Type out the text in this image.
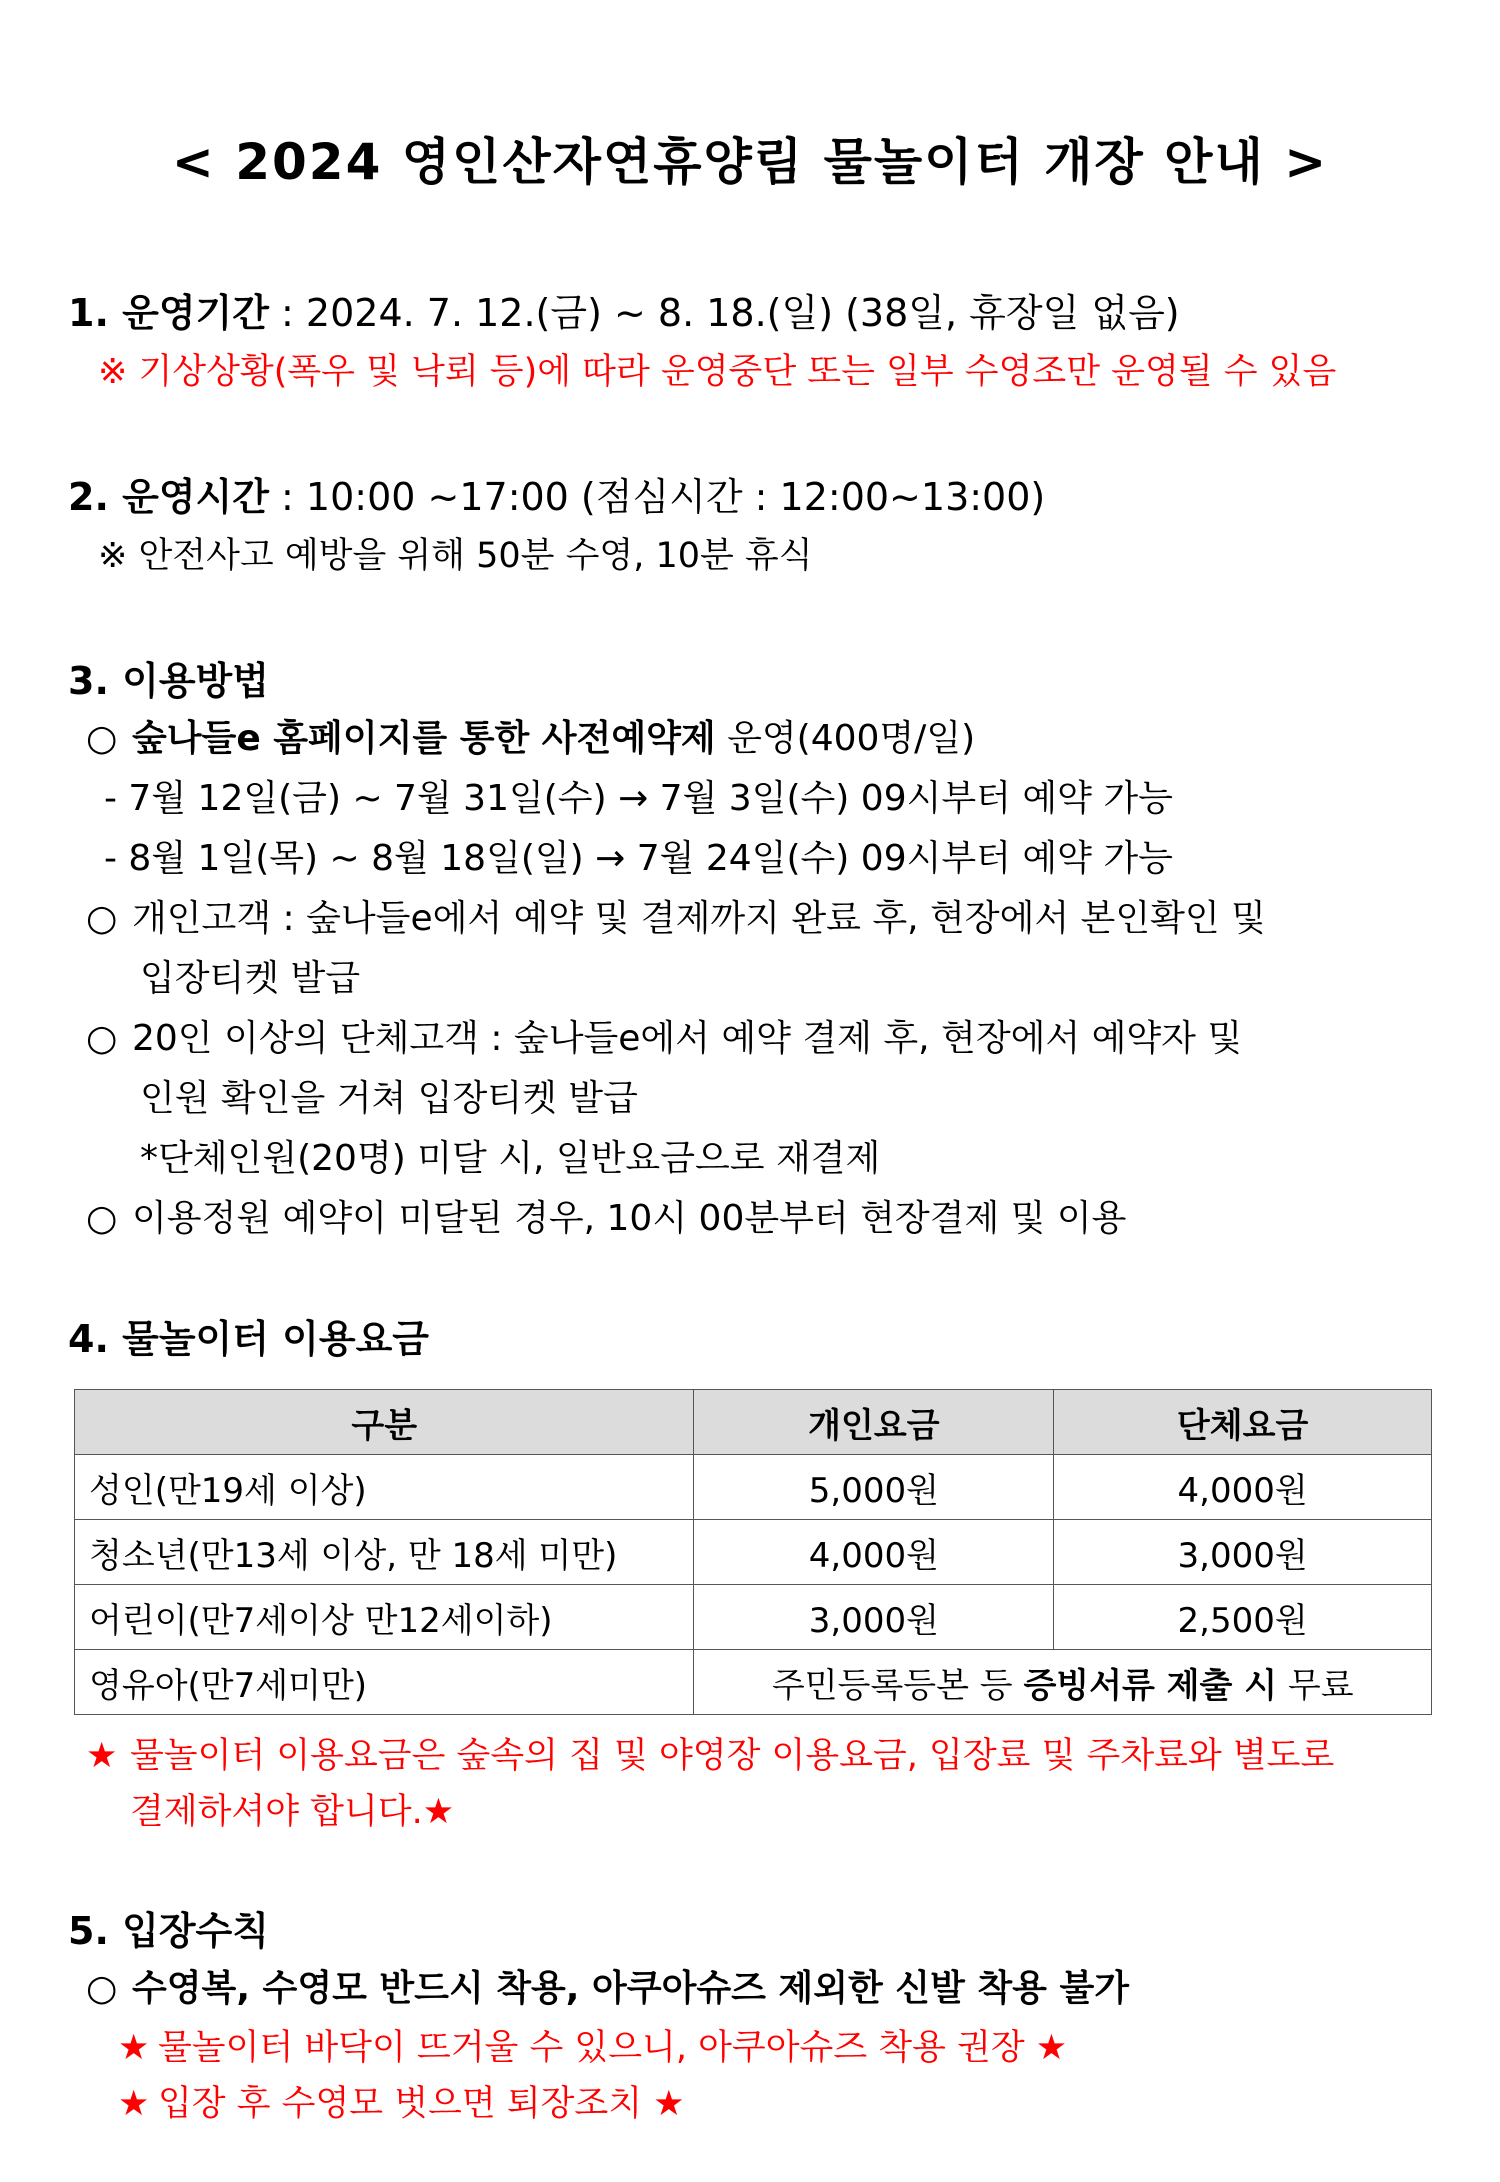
< 2024 영인산자연휴양림 물놀이터 개장 안내 >
1. 운영기간 : 2024. 7. 12.(금) ~ 8. 18.(일) (38일, 휴장일 없음)
※ 기상상황(폭우 및 낙뢰 등)에 따라 운영중단 또는 일부 수영조만 운영될 수 있음
2. 운영시간 : 10:00 ~17:00 (점심시간 : 12:00~13:00)
※ 안전사고 예방을 위해 50분 수영, 10분 휴식
3. 이용방법
○ 숲나들e 홈페이지를 통한 사전예약제 운영(400명/일)
- 7월 12일(금) ~ 7월 31일(수) → 7월 3일(수) 09시부터 예약 가능
- 8월 1일(목) ~ 8월 18일(일) → 7월 24일(수) 09시부터 예약 가능
○ 개인고객 : 숲나들e에서 예약 및 결제까지 완료 후, 현장에서 본인확인 및
입장티켓 발급
○ 20인 이상의 단체고객 : 숲나들e에서 예약 결제 후, 현장에서 예약자 및
인원 확인을 거쳐 입장티켓 발급
*단체인원(20명) 미달 시, 일반요금으로 재결제
○ 이용정원 예약이 미달된 경우, 10시 00분부터 현장결제 및 이용
4. 물놀이터 이용요금
구분	개인요금	단체요금
성인(만19세 이상)	5,000원	4,000원
청소년(만13세 이상, 만 18세 미만)	4,000원	3,000원
어린이(만7세이상 만12세이하)	3,000원	2,500원
영유아(만7세미만)	주민등록등본 등 증빙서류 제출 시 무료	
★ 물놀이터 이용요금은 숲속의 집 및 야영장 이용요금, 입장료 및 주차료와 별도로
결제하셔야 합니다.★
5. 입장수칙
○ 수영복, 수영모 반드시 착용, 아쿠아슈즈 제외한 신발 착용 불가
★ 물놀이터 바닥이 뜨거울 수 있으니, 아쿠아슈즈 착용 권장 ★
★ 입장 후 수영모 벗으면 퇴장조치 ★
